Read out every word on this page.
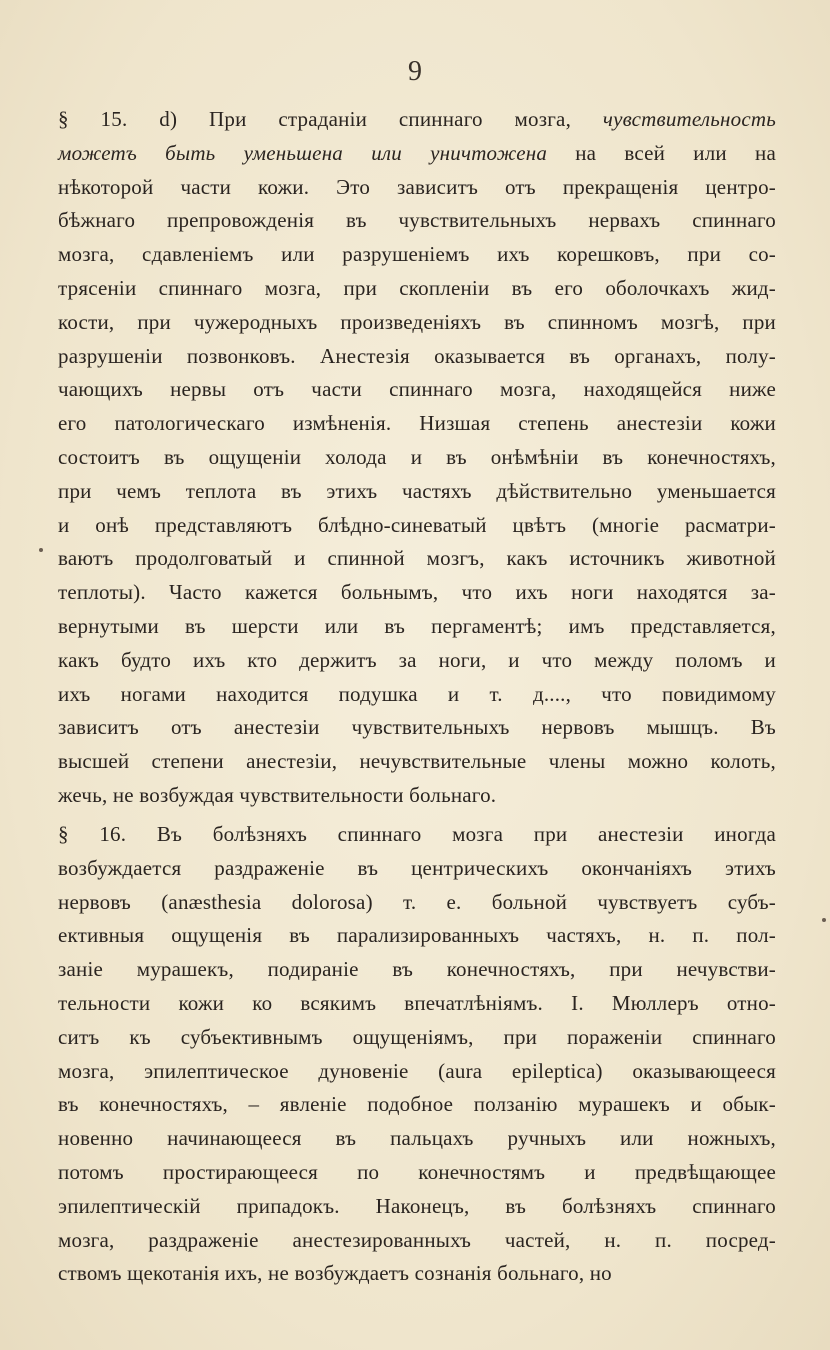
9
§ 15. d) При страданіи спиннаго мозга, чувствительность
можетъ быть уменьшена или уничтожена на всей или на
нѣкоторой части кожи. Это зависитъ отъ прекращенія центро-
бѣжнаго препровожденія въ чувствительныхъ нервахъ спиннаго
мозга, сдавленіемъ или разрушеніемъ ихъ корешковъ, при со-
трясеніи спиннаго мозга, при скопленіи въ его оболочкахъ жид-
кости, при чужеродныхъ произведеніяхъ въ спинномъ мозгѣ, при
разрушеніи позвонковъ. Анестезія оказывается въ органахъ, полу-
чающихъ нервы отъ части спиннаго мозга, находящейся ниже
его патологическаго измѣненія. Низшая степень анестезіи кожи
состоитъ въ ощущеніи холода и въ онѣмѣніи въ конечностяхъ,
при чемъ теплота въ этихъ частяхъ дѣйствительно уменьшается
и онѣ представляютъ блѣдно-синеватый цвѣтъ (многіе расматри-
ваютъ продолговатый и спинной мозгъ, какъ источникъ животной
теплоты). Часто кажется больнымъ, что ихъ ноги находятся за-
вернутыми въ шерсти или въ пергаментѣ; имъ представляется,
какъ будто ихъ кто держитъ за ноги, и что между поломъ и
ихъ ногами находится подушка и т. д...., что повидимому
зависитъ отъ анестезіи чувствительныхъ нервовъ мышцъ. Въ
высшей степени анестезіи, нечувствительные члены можно колоть,
жечь, не возбуждая чувствительности больнаго.
§ 16. Въ болѣзняхъ спиннаго мозга при анестезіи иногда
возбуждается раздраженіе въ центрическихъ окончаніяхъ этихъ
нервовъ (anæsthesia dolorosa) т. е. больной чувствуетъ субъ-
ективныя ощущенія въ парализированныхъ частяхъ, н. п. пол-
заніе мурашекъ, подираніе въ конечностяхъ, при нечувстви-
тельности кожи ко всякимъ впечатлѣніямъ. I. Мюллеръ отно-
ситъ къ субъективнымъ ощущеніямъ, при пораженіи спиннаго
мозга, эпилептическое дуновеніе (aura epileptica) оказывающееся
въ конечностяхъ, – явленіе подобное ползанію мурашекъ и обык-
новенно начинающееся въ пальцахъ ручныхъ или ножныхъ,
потомъ простирающееся по конечностямъ и предвѣщающее
эпилептическій припадокъ. Наконецъ, въ болѣзняхъ спиннаго
мозга, раздраженіе анестезированныхъ частей, н. п. посред-
ствомъ щекотанія ихъ, не возбуждаетъ сознанія больнаго, но
